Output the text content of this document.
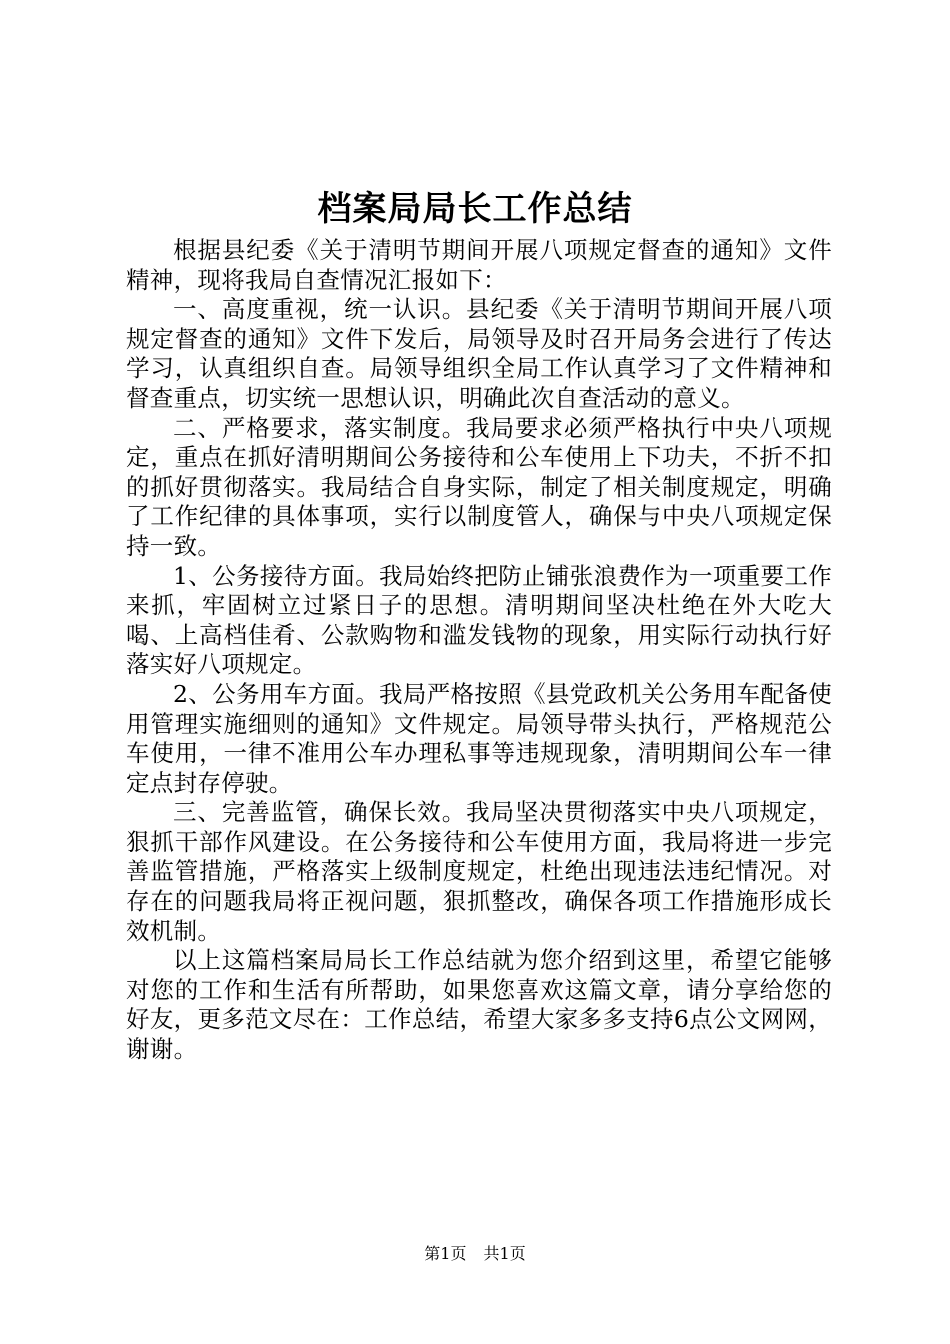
档案局局长工作总结

根据县纪委《关于清明节期间开展八项规定督查的通知》文件精神，现将我局自查情况汇报如下：

一、高度重视，统一认识。县纪委《关于清明节期间开展八项规定督查的通知》文件下发后，局领导及时召开局务会进行了传达学习，认真组织自查。局领导组织全局工作认真学习了文件精神和督查重点，切实统一思想认识，明确此次自查活动的意义。

二、严格要求，落实制度。我局要求必须严格执行中央八项规定，重点在抓好清明期间公务接待和公车使用上下功夫，不折不扣的抓好贯彻落实。我局结合自身实际，制定了相关制度规定，明确了工作纪律的具体事项，实行以制度管人，确保与中央八项规定保持一致。

1、公务接待方面。我局始终把防止铺张浪费作为一项重要工作来抓，牢固树立过紧日子的思想。清明期间坚决杜绝在外大吃大喝、上高档佳肴、公款购物和滥发钱物的现象，用实际行动执行好落实好八项规定。

2、公务用车方面。我局严格按照《县党政机关公务用车配备使用管理实施细则的通知》文件规定。局领导带头执行，严格规范公车使用，一律不准用公车办理私事等违规现象，清明期间公车一律定点封存停驶。

三、完善监管，确保长效。我局坚决贯彻落实中央八项规定，狠抓干部作风建设。在公务接待和公车使用方面，我局将进一步完善监管措施，严格落实上级制度规定，杜绝出现违法违纪情况。对存在的问题我局将正视问题，狠抓整改，确保各项工作措施形成长效机制。

以上这篇档案局局长工作总结就为您介绍到这里，希望它能够对您的工作和生活有所帮助，如果您喜欢这篇文章，请分享给您的好友，更多范文尽在：工作总结，希望大家多多支持6点公文网网，谢谢。

第1页 共1页
